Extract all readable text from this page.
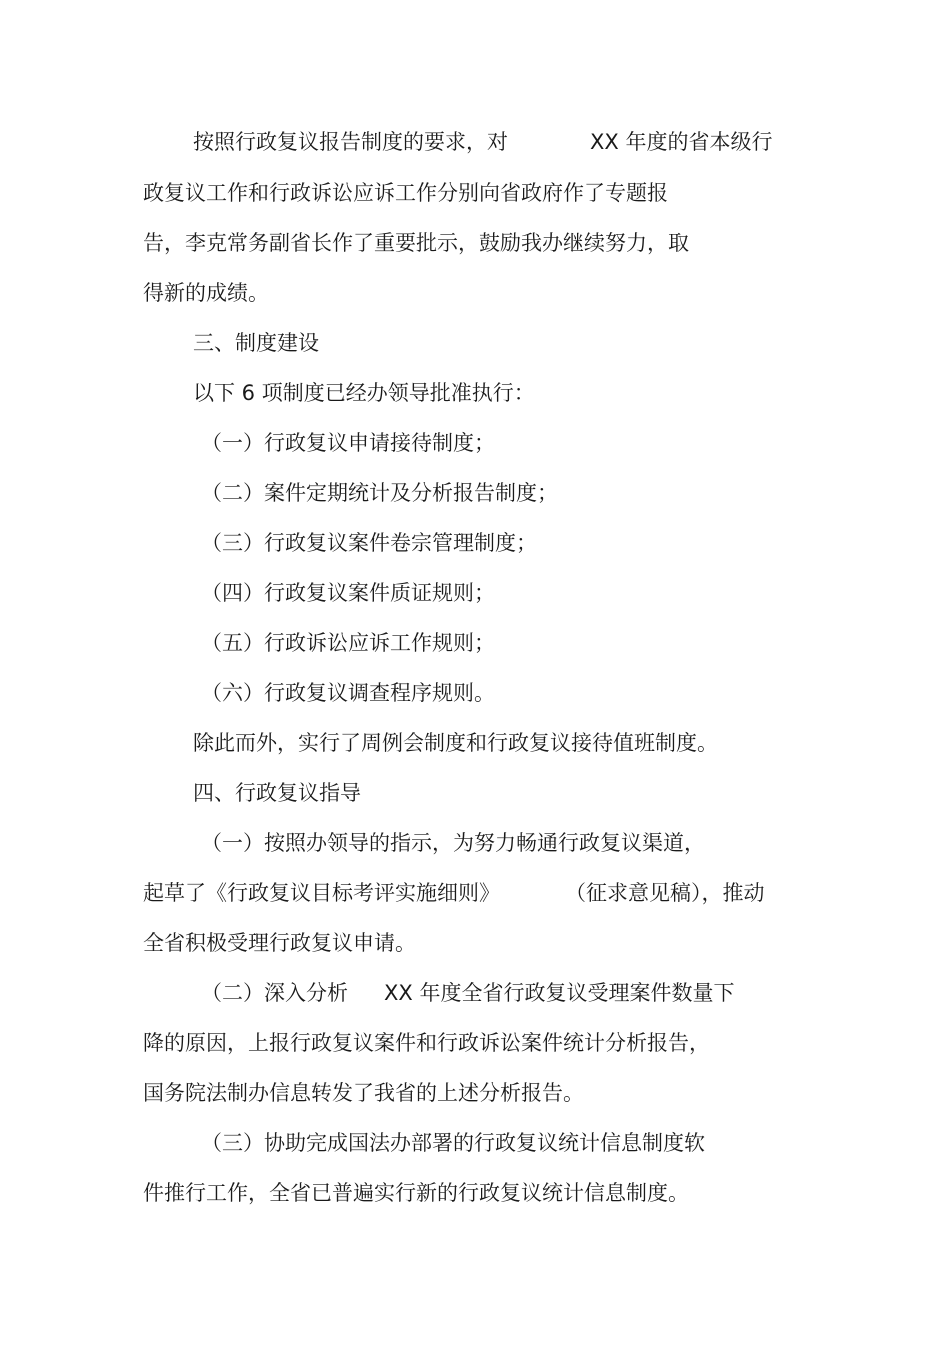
按照行政复议报告制度的要求，对	XX 年度的省本级行
政复议工作和行政诉讼应诉工作分别向省政府作了专题报
告，李克常务副省长作了重要批示，鼓励我办继续努力，取
得新的成绩。
三、制度建设
以下 6 项制度已经办领导批准执行：
（一）行政复议申请接待制度；
（二）案件定期统计及分析报告制度；
（三）行政复议案件卷宗管理制度；
（四）行政复议案件质证规则；
（五）行政诉讼应诉工作规则；
（六）行政复议调查程序规则。
除此而外，实行了周例会制度和行政复议接待值班制度。
四、行政复议指导
（一）按照办领导的指示，为努力畅通行政复议渠道，
起草了《行政复议目标考评实施细则》	（征求意见稿），推动
全省积极受理行政复议申请。
（二）深入分析 XX 年度全省行政复议受理案件数量下
降的原因，上报行政复议案件和行政诉讼案件统计分析报告，
国务院法制办信息转发了我省的上述分析报告。
（三）协助完成国法办部署的行政复议统计信息制度软
件推行工作，全省已普遍实行新的行政复议统计信息制度。
